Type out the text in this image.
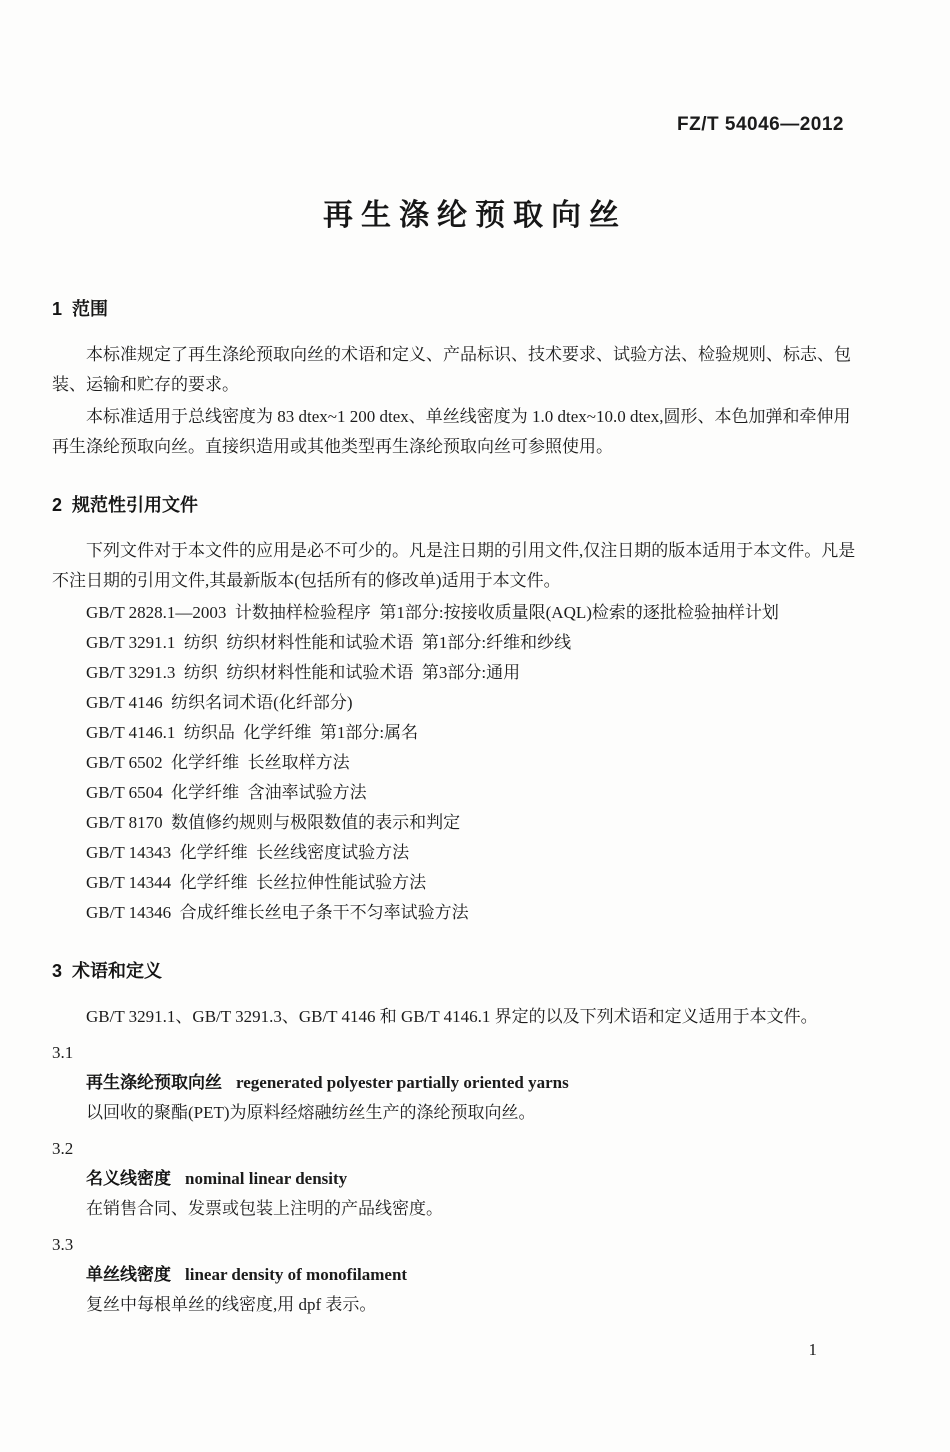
FZ/T 54046—2012
再生涤纶预取向丝
1  范围
本标准规定了再生涤纶预取向丝的术语和定义、产品标识、技术要求、试验方法、检验规则、标志、包装、运输和贮存的要求。
本标准适用于总线密度为 83 dtex~1 200 dtex、单丝线密度为 1.0 dtex~10.0 dtex,圆形、本色加弹和牵伸用再生涤纶预取向丝。直接织造用或其他类型再生涤纶预取向丝可参照使用。
2  规范性引用文件
下列文件对于本文件的应用是必不可少的。凡是注日期的引用文件,仅注日期的版本适用于本文件。凡是不注日期的引用文件,其最新版本(包括所有的修改单)适用于本文件。
GB/T 2828.1—2003  计数抽样检验程序  第1部分:按接收质量限(AQL)检索的逐批检验抽样计划
GB/T 3291.1  纺织  纺织材料性能和试验术语  第1部分:纤维和纱线
GB/T 3291.3  纺织  纺织材料性能和试验术语  第3部分:通用
GB/T 4146  纺织名词术语(化纤部分)
GB/T 4146.1  纺织品  化学纤维  第1部分:属名
GB/T 6502  化学纤维  长丝取样方法
GB/T 6504  化学纤维  含油率试验方法
GB/T 8170  数值修约规则与极限数值的表示和判定
GB/T 14343  化学纤维  长丝线密度试验方法
GB/T 14344  化学纤维  长丝拉伸性能试验方法
GB/T 14346  合成纤维长丝电子条干不匀率试验方法
3  术语和定义
GB/T 3291.1、GB/T 3291.3、GB/T 4146 和 GB/T 4146.1 界定的以及下列术语和定义适用于本文件。
3.1
再生涤纶预取向丝 regenerated polyester partially oriented yarns
以回收的聚酯(PET)为原料经熔融纺丝生产的涤纶预取向丝。
3.2
名义线密度 nominal linear density
在销售合同、发票或包装上注明的产品线密度。
3.3
单丝线密度 linear density of monofilament
复丝中每根单丝的线密度,用 dpf 表示。
1
